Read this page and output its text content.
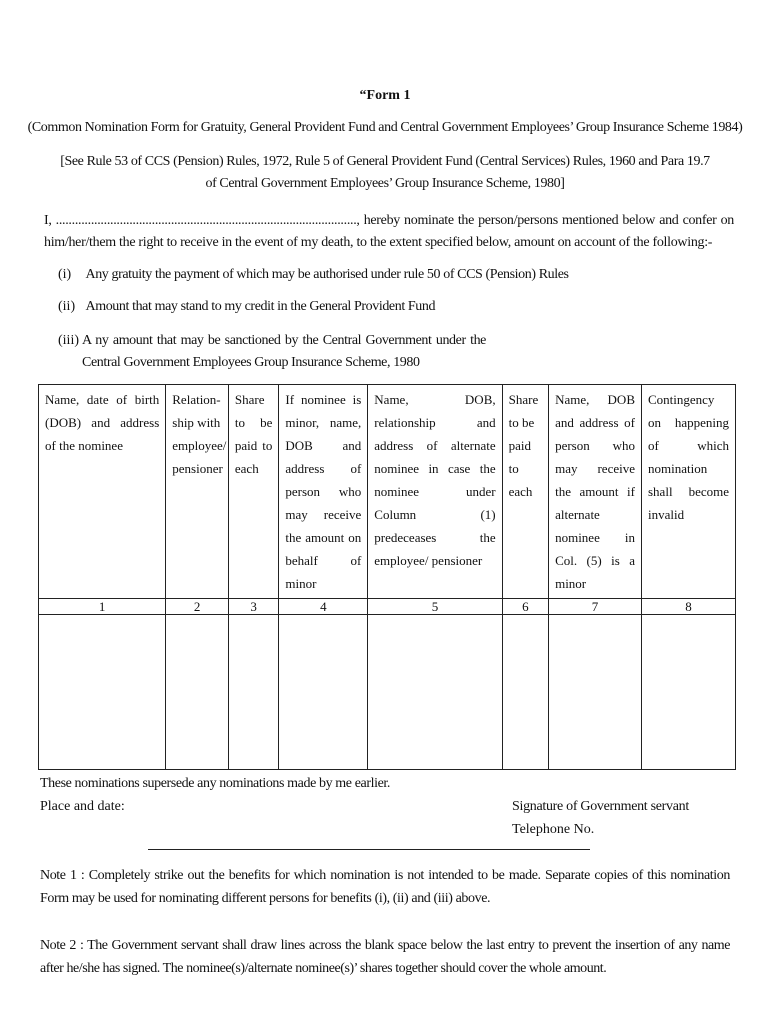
“Form 1
(Common Nomination Form for Gratuity, General Provident Fund and Central Government Employees’ Group Insurance Scheme 1984)
[See Rule 53 of CCS (Pension) Rules, 1972, Rule 5 of General Provident Fund (Central Services) Rules, 1960 and Para 19.7 of Central Government Employees’ Group Insurance Scheme, 1980]
I, .............................................................................................., hereby nominate the person/persons mentioned below and confer on him/her/them the right to receive in the event of my death, to the extent specified below, amount on account of the following:-
(i) Any gratuity the payment of which may be authorised under rule 50 of CCS (Pension) Rules
(ii) Amount that may stand to my credit in the General Provident Fund
(iii) A ny amount that may be sanctioned by the Central Government under the Central Government Employees Group Insurance Scheme, 1980
Name, date of birth (DOB) and address of the nominee	Relation-ship with employee/ pensioner	Share to be paid to each	If nominee is minor, name, DOB and address of person who may receive the amount on behalf of minor	Name, DOB, relationship and address of alternate nominee in case the nominee under Column (1) predeceases the employee/ pensioner	Share to be paid to each	Name, DOB and address of person who may receive the amount if alternate nominee in Col. (5) is a minor	Contingency on happening of which nomination shall become invalid
1	2	3	4	5	6	7	8

These nominations supersede any nominations made by me earlier.
Place and date:	Signature of Government servant
Telephone No.
Note 1 : Completely strike out the benefits for which nomination is not intended to be made. Separate copies of this nomination Form may be used for nominating different persons for benefits (i), (ii) and (iii) above.
Note 2 : The Government servant shall draw lines across the blank space below the last entry to prevent the insertion of any name after he/she has signed. The nominee(s)/alternate nominee(s)’ shares together should cover the whole amount.
